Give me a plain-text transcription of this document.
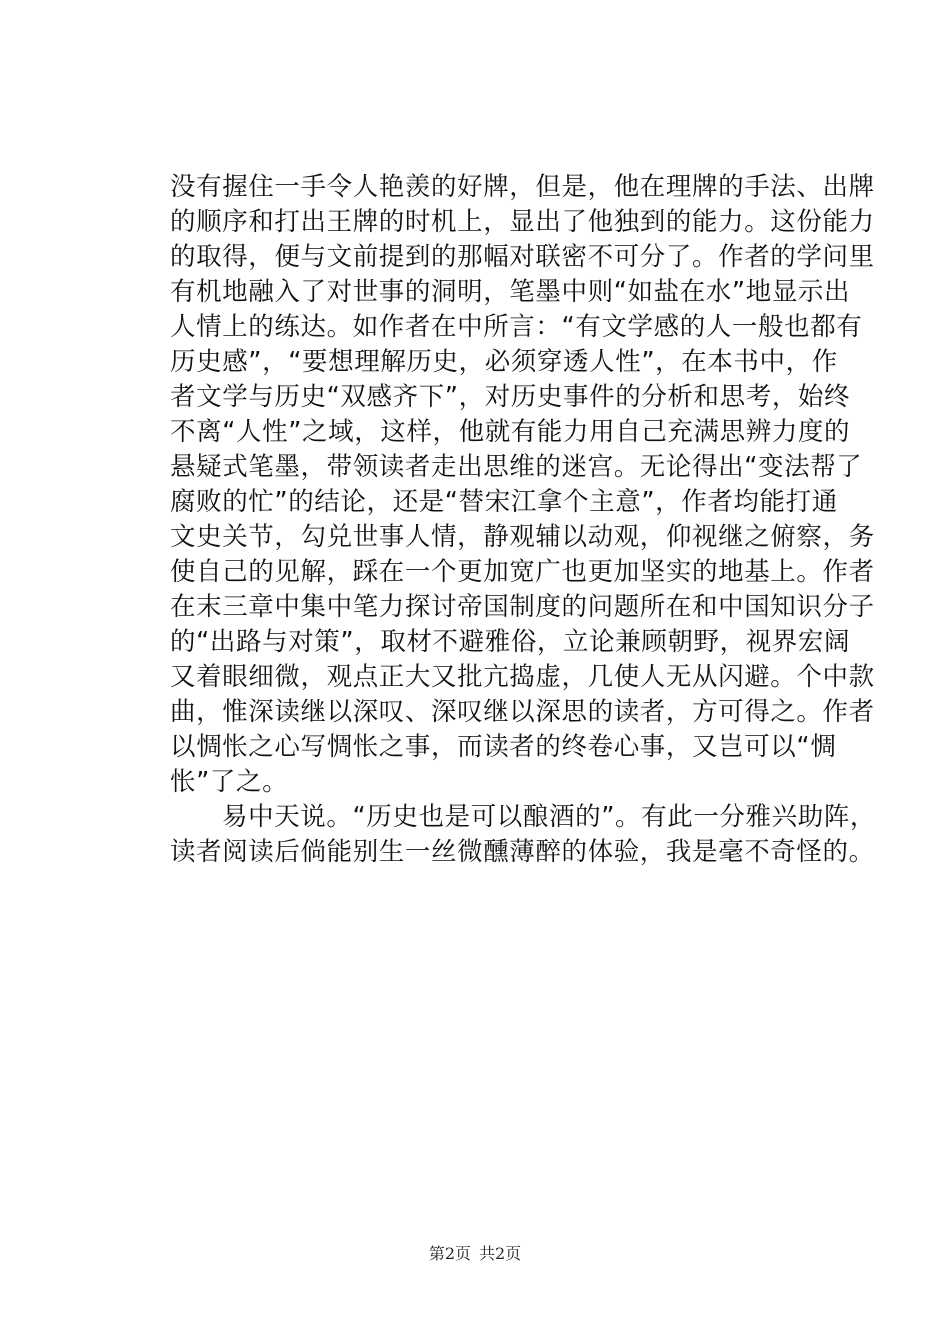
没有握住一手令人艳羡的好牌，但是，他在理牌的手法、出牌
的顺序和打出王牌的时机上，显出了他独到的能力。这份能力
的取得，便与文前提到的那幅对联密不可分了。作者的学问里
有机地融入了对世事的洞明，笔墨中则“如盐在水”地显示出
人情上的练达。如作者在中所言：“有文学感的人一般也都有
历史感”，“要想理解历史，必须穿透人性”，在本书中，作
者文学与历史“双感齐下”，对历史事件的分析和思考，始终
不离“人性”之域，这样，他就有能力用自己充满思辨力度的
悬疑式笔墨，带领读者走出思维的迷宫。无论得出“变法帮了
腐败的忙”的结论，还是“替宋江拿个主意”，作者均能打通
文史关节，勾兑世事人情，静观辅以动观，仰视继之俯察，务
使自己的见解，踩在一个更加宽广也更加坚实的地基上。作者
在末三章中集中笔力探讨帝国制度的问题所在和中国知识分子
的“出路与对策”，取材不避雅俗，立论兼顾朝野，视界宏阔
又着眼细微，观点正大又批亢捣虚，几使人无从闪避。个中款
曲，惟深读继以深叹、深叹继以深思的读者，方可得之。作者
以惆怅之心写惆怅之事，而读者的终卷心事，又岂可以“惆
怅”了之。
易中天说。“历史也是可以酿酒的”。有此一分雅兴助阵，
读者阅读后倘能别生一丝微醺薄醉的体验，我是毫不奇怪的。
第2页 共2页
